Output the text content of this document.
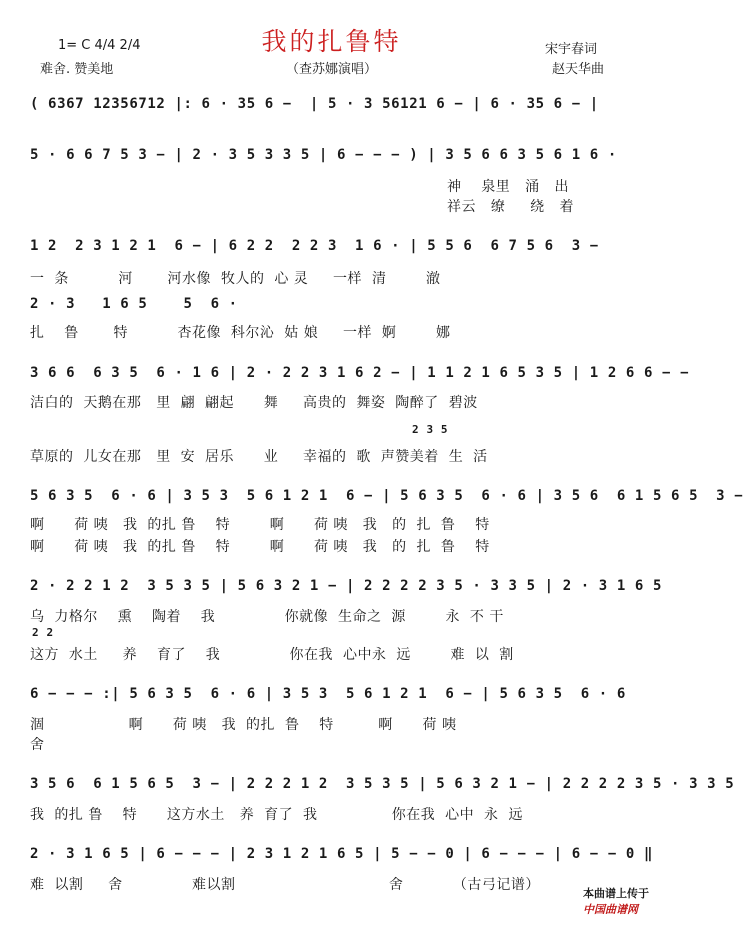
我的扎鲁特
1= C 4/4 2/4
难舍. 赞美地	（查苏娜演唱）
宋宇春词
赵天华曲
( 6367 12356712 |: 6 · 35 6 −  | 5 · 3 56121 6 − | 6 · 35 6 − |
5 · 6 6 7 5 3 − | 2 · 3 5 3 3 5 | 6 − − − ) | 3 5 6 6 3 5 6 1 6 ·
神    泉里   涌   出
祥云   缭     绕   着
1 2  2 3 1 2 1  6 − | 6 2 2  2 2 3  1 6 · | 5 5 6  6 7 5 6  3 −
一  条          河       河水像  牧人的  心 灵     一样  清        澈
2 · 3   1 6 5    5  6 ·
扎    鲁       特          杏花像  科尔沁  姑 娘     一样  婀        娜
3 6 6  6 3 5  6 · 1 6 | 2 · 2 2 3 1 6 2 − | 1 1 2 1 6 5 3 5 | 1 2 6 6 − −
洁白的  天鹅在那   里  翩  翩起      舞     高贵的  舞姿  陶醉了  碧波
2 3 5
草原的  儿女在那   里  安  居乐      业     幸福的  歌  声赞美着  生  活
5 6 3 5  6 · 6 | 3 5 3  5 6 1 2 1  6 − | 5 6 3 5  6 · 6 | 3 5 6  6 1 5 6 5  3 −
啊      荷 咦   我  的扎 鲁    特        啊      荷 咦   我   的  扎  鲁    特
啊      荷 咦   我  的扎 鲁    特        啊      荷 咦   我   的  扎  鲁    特
2 · 2 2 1 2  3 5 3 5 | 5 6 3 2 1 − | 2 2 2 2 3 5 · 3 3 5 | 2 · 3 1 6 5
乌  力格尔    熏    陶着    我              你就像  生命之  源        永  不 干
2 2
这方  水土     养    育了    我              你在我  心中永  远        难  以  割
6 − − − :| 5 6 3 5  6 · 6 | 3 5 3  5 6 1 2 1  6 − | 5 6 3 5  6 · 6
涸                 啊      荷 咦   我  的扎  鲁    特         啊      荷 咦
舍
3 5 6  6 1 5 6 5  3 − | 2 2 2 1 2  3 5 3 5 | 5 6 3 2 1 − | 2 2 2 2 3 5 · 3 3 5
我  的扎 鲁    特      这方水土   养  育了  我               你在我  心中  永  远
2 · 3 1 6 5 | 6 − − − | 2 3 1 2 1 6 5 | 5 − − 0 | 6 − − − | 6 − − 0 ‖
难  以割     舍              难以割                               舍          （古弓记谱）

本曲谱上传于
中国曲谱网
